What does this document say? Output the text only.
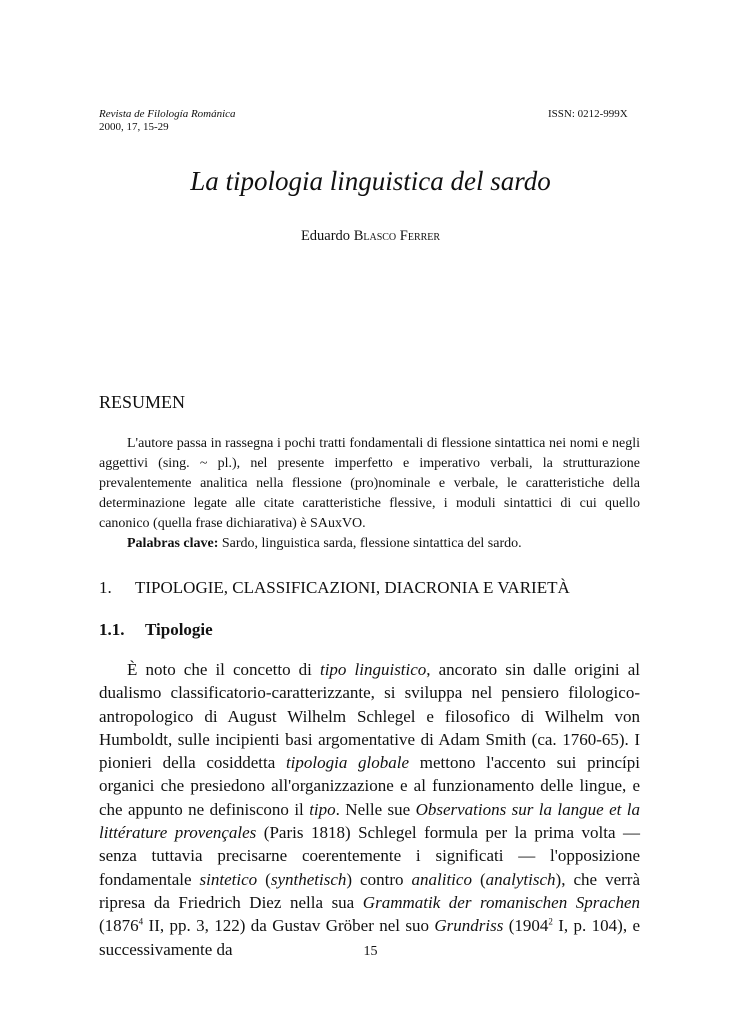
Revista de Filología Románica
2000, 17, 15-29
ISSN: 0212-999X
La tipologia linguistica del sardo
Eduardo Blasco Ferrer
RESUMEN

L'autore passa in rassegna i pochi tratti fondamentali di flessione sintattica nei nomi e negli aggettivi (sing. ~ pl.), nel presente imperfetto e imperativo verbali, la strutturazione prevalentemente analitica nella flessione (pro)nominale e verbale, le caratteristiche della determinazione legate alle citate caratteristiche flessive, i moduli sintattici di cui quello canonico (quella frase dichiarativa) è SAuxVO.

Palabras clave: Sardo, linguistica sarda, flessione sintattica del sardo.

1. TIPOLOGIE, CLASSIFICAZIONI, DIACRONIA E VARIETÀ
1.1. Tipologie

È noto che il concetto di tipo linguistico, ancorato sin dalle origini al dualismo classificatorio-caratterizzante, si sviluppa nel pensiero filologico-antropologico di August Wilhelm Schlegel e filosofico di Wilhelm von Humboldt, sulle incipienti basi argomentative di Adam Smith (ca. 1760-65). I pionieri della cosiddetta tipologia globale mettono l'accento sui princípi organici che presiedono all'organizzazione e al funzionamento delle lingue, e che appunto ne definiscono il tipo. Nelle sue Observations sur la langue et la littérature provençales (Paris 1818) Schlegel formula per la prima volta — senza tuttavia precisarne coerentemente i significati — l'opposizione fondamentale sintetico (synthetisch) contro analitico (analytisch), che verrà ripresa da Friedrich Diez nella sua Grammatik der romanischen Sprachen (1876$^4$ II, pp. 3, 122) da Gustav Gröber nel suo Grundriss (1904$^2$ I, p. 104), e successivamente da	15
